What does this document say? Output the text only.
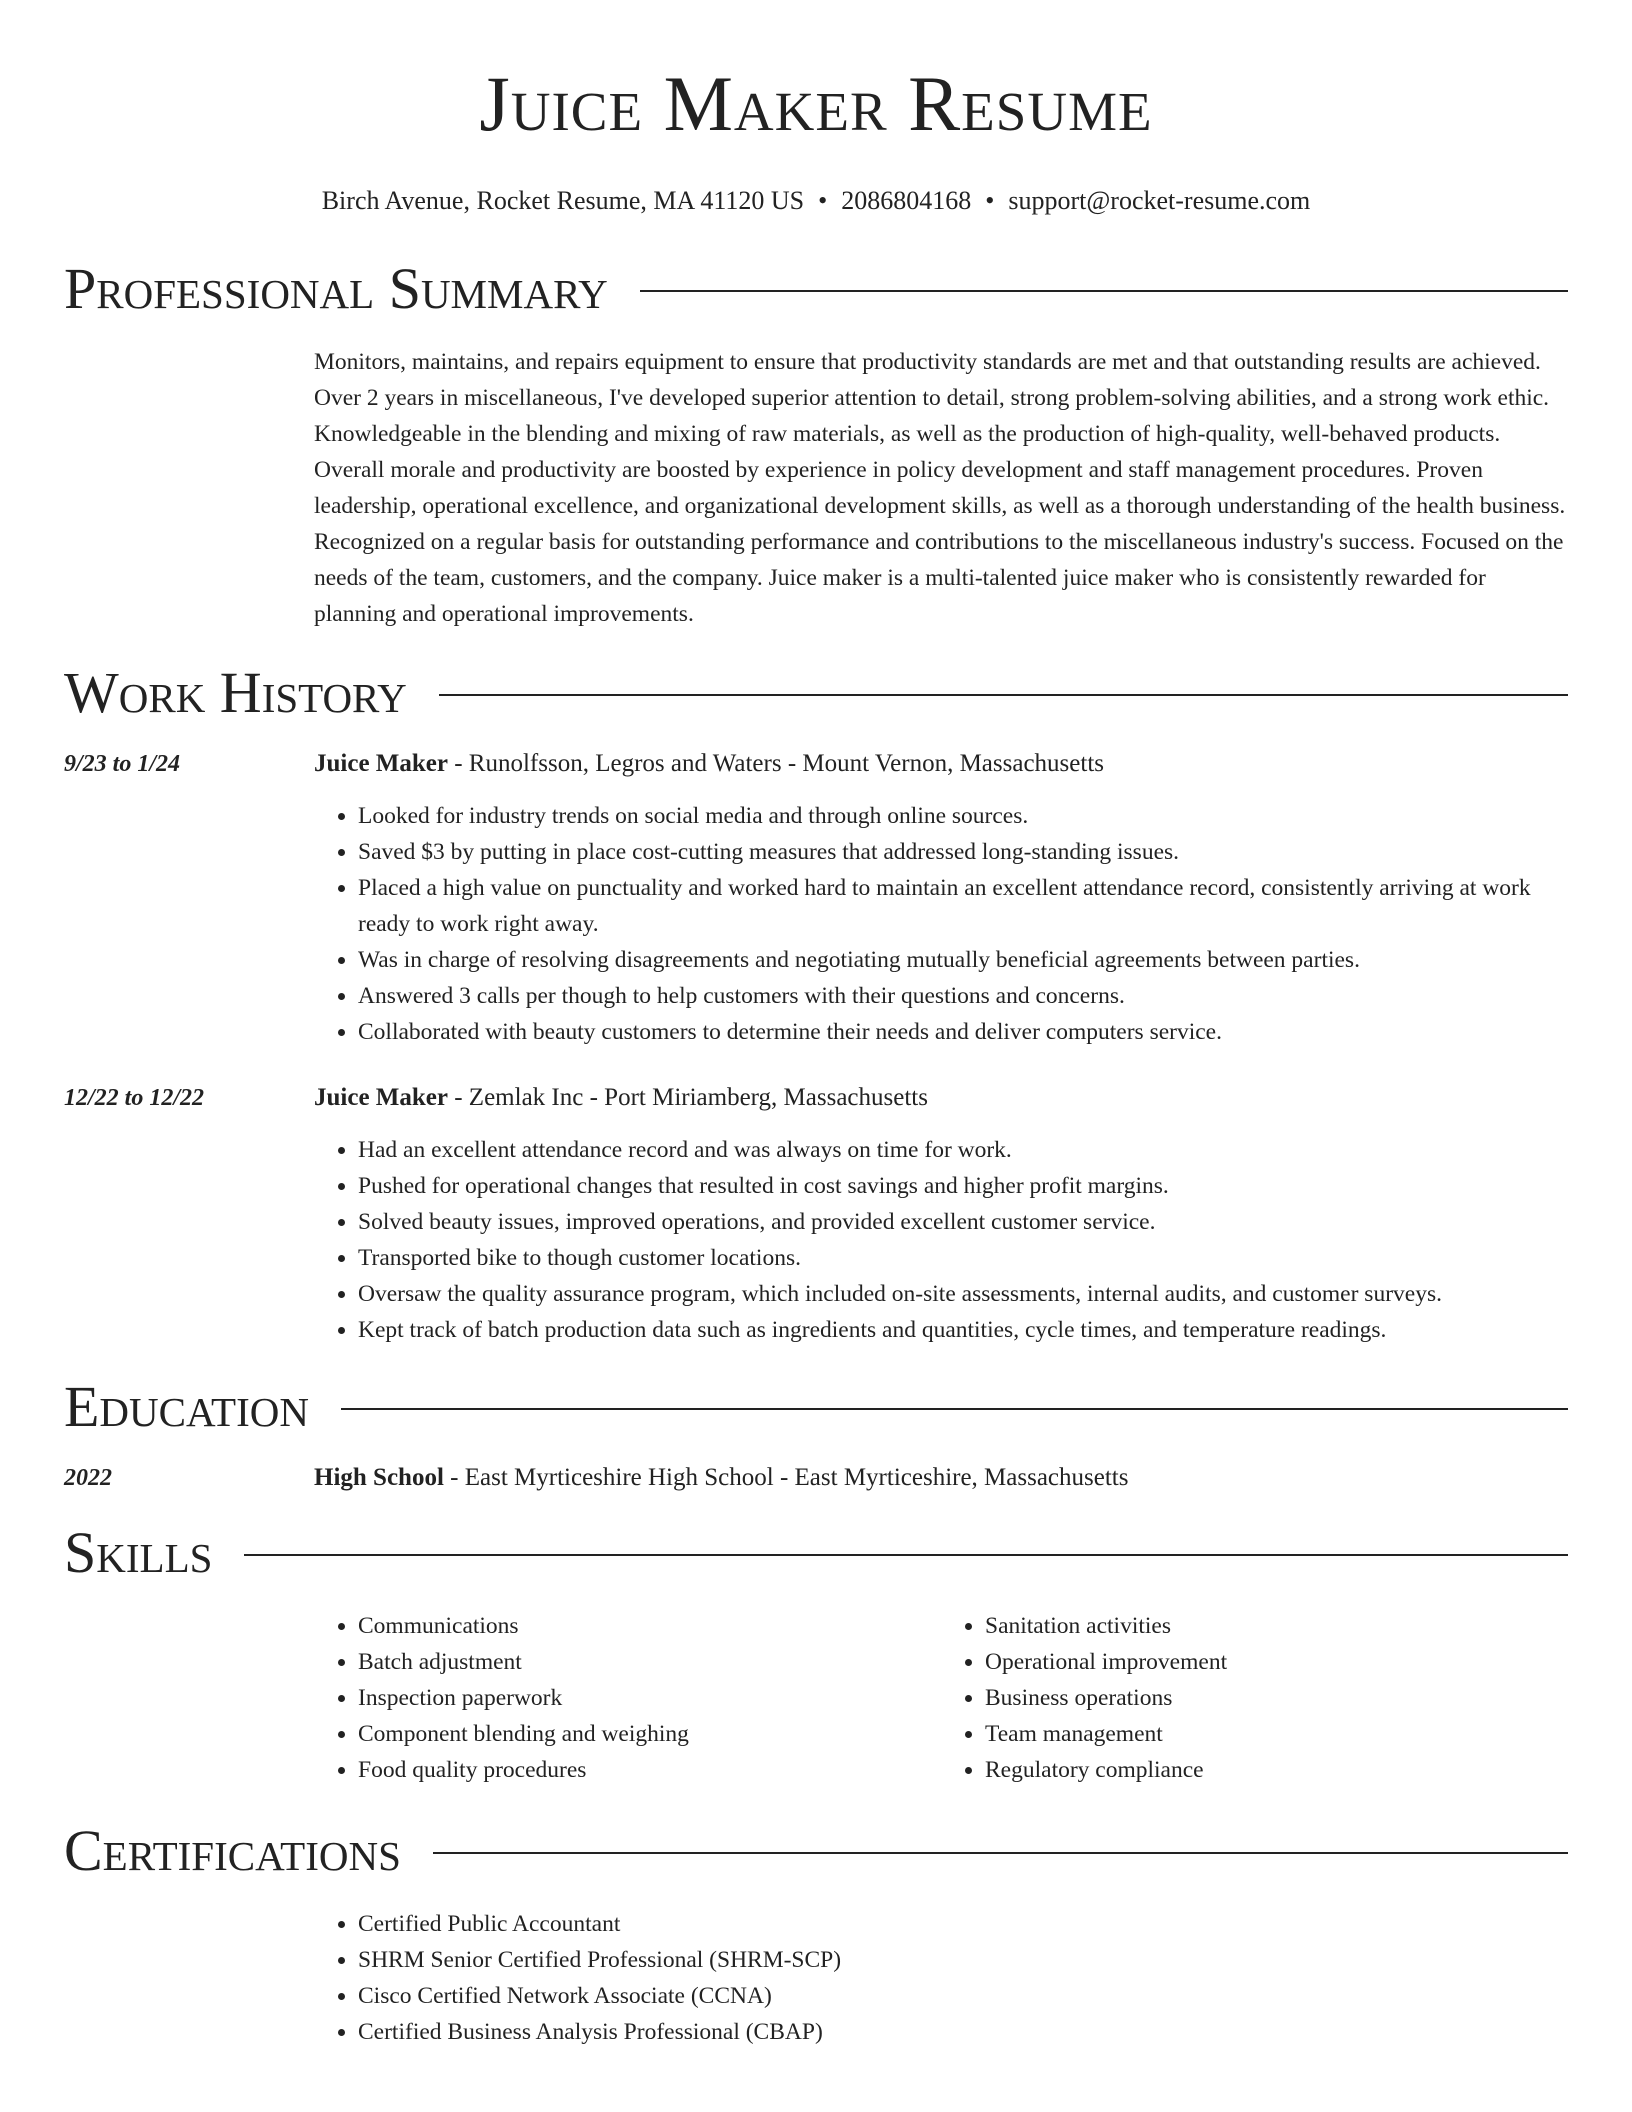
Juice Maker Resume
Birch Avenue, Rocket Resume, MA 41120 US • 2086804168 • support@rocket-resume.com
Professional Summary
Monitors, maintains, and repairs equipment to ensure that productivity standards are met and that outstanding results are achieved. Over 2 years in miscellaneous, I've developed superior attention to detail, strong problem-solving abilities, and a strong work ethic. Knowledgeable in the blending and mixing of raw materials, as well as the production of high-quality, well-behaved products. Overall morale and productivity are boosted by experience in policy development and staff management procedures. Proven leadership, operational excellence, and organizational development skills, as well as a thorough understanding of the health business. Recognized on a regular basis for outstanding performance and contributions to the miscellaneous industry's success. Focused on the needs of the team, customers, and the company. Juice maker is a multi-talented juice maker who is consistently rewarded for planning and operational improvements.
Work History
9/23 to 1/24	Juice Maker - Runolfsson, Legros and Waters - Mount Vernon, Massachusetts
• Looked for industry trends on social media and through online sources.
• Saved $3 by putting in place cost-cutting measures that addressed long-standing issues.
• Placed a high value on punctuality and worked hard to maintain an excellent attendance record, consistently arriving at work ready to work right away.
• Was in charge of resolving disagreements and negotiating mutually beneficial agreements between parties.
• Answered 3 calls per though to help customers with their questions and concerns.
• Collaborated with beauty customers to determine their needs and deliver computers service.
12/22 to 12/22	Juice Maker - Zemlak Inc - Port Miriamberg, Massachusetts
• Had an excellent attendance record and was always on time for work.
• Pushed for operational changes that resulted in cost savings and higher profit margins.
• Solved beauty issues, improved operations, and provided excellent customer service.
• Transported bike to though customer locations.
• Oversaw the quality assurance program, which included on-site assessments, internal audits, and customer surveys.
• Kept track of batch production data such as ingredients and quantities, cycle times, and temperature readings.
Education
2022	High School - East Myrticeshire High School - East Myrticeshire, Massachusetts
Skills
• Communications
• Batch adjustment
• Inspection paperwork
• Component blending and weighing
• Food quality procedures
• Sanitation activities
• Operational improvement
• Business operations
• Team management
• Regulatory compliance
Certifications
• Certified Public Accountant
• SHRM Senior Certified Professional (SHRM-SCP)
• Cisco Certified Network Associate (CCNA)
• Certified Business Analysis Professional (CBAP)
